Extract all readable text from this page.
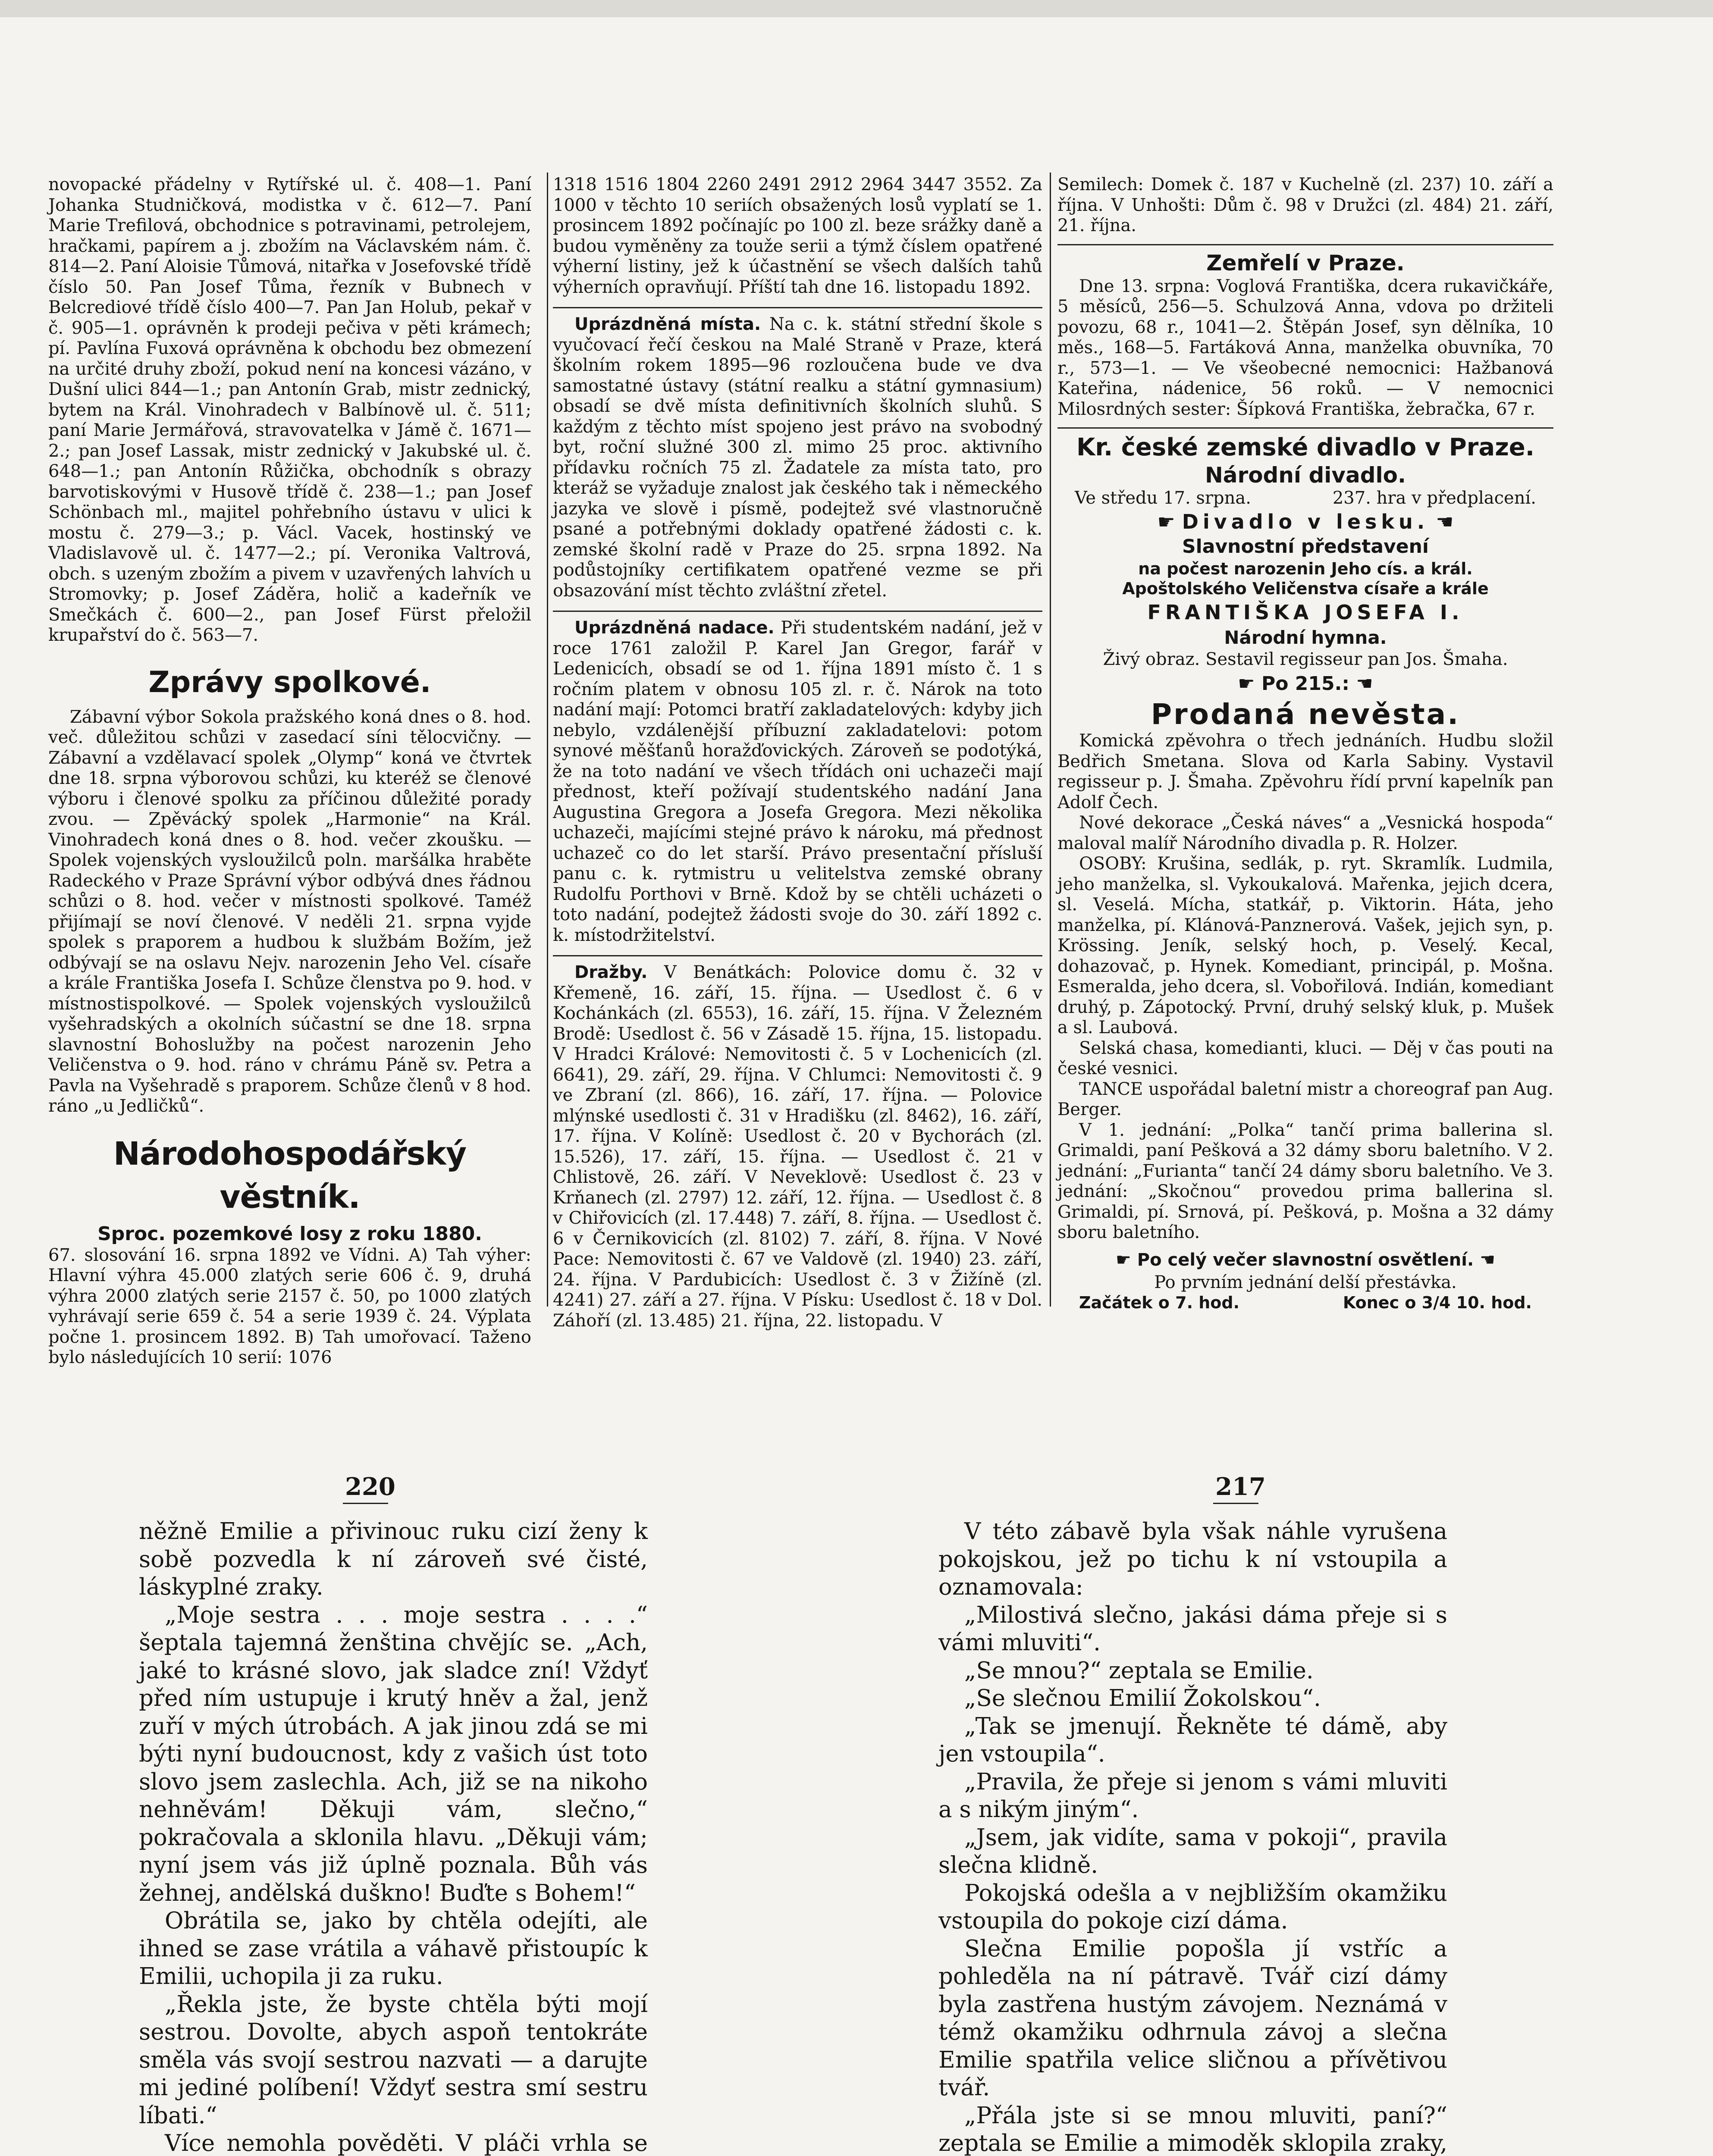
novopacké přádelny v Rytířské ul. č. 408—1. Paní Johanka Studničková, modistka v č. 612—7. Paní Marie Trefilová, obchodnice s potravinami, petrolejem, hračkami, papírem a j. zbožím na Václavském nám. č. 814—2. Paní Aloisie Tůmová, nitařka v Josefovské třídě číslo 50. Pan Josef Tůma, řezník v Bubnech v Belcrediové třídě číslo 400—7. Pan Jan Holub, pekař v č. 905—1. oprávněn k prodeji pečiva v pěti krámech; pí. Pavlína Fuxová oprávněna k obchodu bez obmezení na určité druhy zboží, pokud není na koncesi vázáno, v Dušní ulici 844—1.; pan Antonín Grab, mistr zednický, bytem na Král. Vinohradech v Balbínově ul. č. 511; paní Marie Jermářová, stravovatelka v Jámě č. 1671—2.; pan Josef Lassak, mistr zednický v Jakubské ul. č. 648—1.; pan Antonín Růžička, obchodník s obrazy barvotiskovými v Husově třídě č. 238—1.; pan Josef Schönbach ml., majitel pohřebního ústavu v ulici k mostu č. 279—3.; p. Václ. Vacek, hostinský ve Vladislavově ul. č. 1477—2.; pí. Veronika Valtrová, obch. s uzeným zbožím a pivem v uzavřených lahvích u Stromovky; p. Josef Záděra, holič a kadeřník ve Smečkách č. 600—2., pan Josef Fürst přeložil krupařství do č. 563—7.

Zprávy spolkové.

Zábavní výbor Sokola pražského koná dnes o 8. hod. več. důležitou schůzi v zasedací síni tělocvičny. — Zábavní a vzdělavací spolek „Olymp“ koná ve čtvrtek dne 18. srpna výborovou schůzi, ku kteréž se členové výboru i členové spolku za příčinou důležité porady zvou. — Zpěvácký spolek „Harmonie“ na Král. Vinohradech koná dnes o 8. hod. večer zkoušku. — Spolek vojenských vysloužilců poln. maršálka hraběte Radeckého v Praze Správní výbor odbývá dnes řádnou schůzi o 8. hod. večer v místnosti spolkové. Taméž přijímají se noví členové. V neděli 21. srpna vyjde spolek s praporem a hudbou k službám Božím, jež odbývají se na oslavu Nejv. narozenin Jeho Vel. císaře a krále Františka Josefa I. Schůze členstva po 9. hod. v místnostispolkové. — Spolek vojenských vysloužilců vyšehradských a okolních súčastní se dne 18. srpna slavnostní Bohoslužby na počest narozenin Jeho Veličenstva o 9. hod. ráno v chrámu Páně sv. Petra a Pavla na Vyšehradě s praporem. Schůze členů v 8 hod. ráno „u Jedličků“.

Národohospodářský věstník.
Sproc. pozemkové losy z roku 1880.

67. slosování 16. srpna 1892 ve Vídni. A) Tah výher: Hlavní výhra 45.000 zlatých serie 606 č. 9, druhá výhra 2000 zlatých serie 2157 č. 50, po 1000 zlatých vyhrávají serie 659 č. 54 a serie 1939 č. 24. Výplata počne 1. prosincem 1892. B) Tah umořovací. Taženo bylo následujících 10 serií: 1076

1318 1516 1804 2260 2491 2912 2964 3447 3552. Za 1000 v těchto 10 seriích obsažených losů vyplatí se 1. prosincem 1892 počínajíc po 100 zl. beze srážky daně a budou vyměněny za touže serii a týmž číslem opatřené výherní listiny, jež k účastnění se všech dalších tahů výherních opravňují. Příští tah dne 16. listopadu 1892.

Uprázdněná místa. Na c. k. státní střední škole s vyučovací řečí českou na Malé Straně v Praze, která školním rokem 1895—96 rozloučena bude ve dva samostatné ústavy (státní realku a státní gymnasium) obsadí se dvě místa definitivních školních sluhů. S každým z těchto míst spojeno jest právo na svobodný byt, roční služné 300 zl. mimo 25 proc. aktivního přídavku ročních 75 zl. Žadatele za místa tato, pro kteráž se vyžaduje znalost jak českého tak i německého jazyka ve slově i písmě, podejtež své vlastnoručně psané a potřebnými doklady opatřené žádosti c. k. zemské školní radě v Praze do 25. srpna 1892. Na podůstojníky certifikatem opatřené vezme se při obsazování míst těchto zvláštní zřetel.

Uprázdněná nadace. Při studentském nadání, jež v roce 1761 založil P. Karel Jan Gregor, farář v Ledenicích, obsadí se od 1. října 1891 místo č. 1 s ročním platem v obnosu 105 zl. r. č. Nárok na toto nadání mají: Potomci bratří zakladatelových: kdyby jich nebylo, vzdálenější příbuzní zakladatelovi: potom synové měšťanů horažďovických. Zároveň se podotýká, že na toto nadání ve všech třídách oni uchazeči mají přednost, kteří požívají studentského nadání Jana Augustina Gregora a Josefa Gregora. Mezi několika uchazeči, majícími stejné právo k nároku, má přednost uchazeč co do let starší. Právo presentační přísluší panu c. k. rytmistru u velitelstva zemské obrany Rudolfu Porthovi v Brně. Kdož by se chtěli ucházeti o toto nadání, podejtež žádosti svoje do 30. září 1892 c. k. místodržitelství.

Dražby. V Benátkách: Polovice domu č. 32 v Křemeně, 16. září, 15. října. — Usedlost č. 6 v Kochánkách (zl. 6553), 16. září, 15. října. V Železném Brodě: Usedlost č. 56 v Zásadě 15. října, 15. listopadu. V Hradci Králové: Nemovitosti č. 5 v Lochenicích (zl. 6641), 29. září, 29. října. V Chlumci: Nemovitosti č. 9 ve Zbraní (zl. 866), 16. září, 17. října. — Polovice mlýnské usedlosti č. 31 v Hradišku (zl. 8462), 16. září, 17. října. V Kolíně: Usedlost č. 20 v Bychorách (zl. 15.526), 17. září, 15. října. — Usedlost č. 21 v Chlistově, 26. září. V Neveklově: Usedlost č. 23 v Krňanech (zl. 2797) 12. září, 12. října. — Usedlost č. 8 v Chiřovicích (zl. 17.448) 7. září, 8. října. — Usedlost č. 6 v Černikovicích (zl. 8102) 7. září, 8. října. V Nové Pace: Nemovitosti č. 67 ve Valdově (zl. 1940) 23. září, 24. října. V Pardubicích: Usedlost č. 3 v Žižíně (zl. 4241) 27. září a 27. října. V Písku: Usedlost č. 18 v Dol. Záhoří (zl. 13.485) 21. října, 22. listopadu. V

Semilech: Domek č. 187 v Kuchelně (zl. 237) 10. září a říjnа. V Unhošti: Dům č. 98 v Družci (zl. 484) 21. září, 21. října.

Zemřelí v Praze.

Dne 13. srpna: Voglová Františka, dcera rukavičkáře, 5 měsíců, 256—5. Schulzová Anna, vdova po držiteli povozu, 68 r., 1041—2. Štěpán Josef, syn dělníka, 10 měs., 168—5. Fartáková Anna, manželka obuvníka, 70 r., 573—1. — Ve všeobecné nemocnici: Hažbanová Kateřina, nádenice, 56 roků. — V nemocnici Milosrdných sester: Šípková Františka, žebračka, 67 r.

Kr. české zemské divadlo v Praze.
Národní divadlo.
Ve středu 17. srpna.	237. hra v předplacení.
☛ Divadlo v lesku. ☚
Slavnostní představení
na počest narozenin Jeho cís. a král. Apoštolského Veličenstva císaře a krále
FRANTIŠKA JOSEFA I.
Národní hymna.
Živý obraz. Sestavil regisseur pan Jos. Šmaha.
☛ Po 215.: ☚
Prodaná nevěsta.

Komická zpěvohra o třech jednáních. Hudbu složil Bedřich Smetana. Slova od Karla Sabiny. Vystavil regisseur p. J. Šmaha. Zpěvohru řídí první kapelník pan Adolf Čech.

Nové dekorace „Česká náves“ a „Vesnická hospoda“ maloval malíř Národního divadla p. R. Holzer.

OSOBY: Krušina, sedlák, p. ryt. Skramlík. Ludmila, jeho manželka, sl. Vykoukalová. Mařenka, jejich dcera, sl. Veselá. Mícha, statkář, p. Viktorin. Háta, jeho manželka, pí. Klánová-Panznerová. Vašek, jejich syn, p. Krössing. Jeník, selský hoch, p. Veselý. Kecal, dohazovač, p. Hynek. Komediant, principál, p. Mošna. Esmeralda, jeho dcera, sl. Vobořilová. Indián, komediant druhý, p. Zápotocký. První, druhý selský kluk, p. Mušek a sl. Laubová.

Selská chasa, komedianti, kluci. — Děj v čas pouti na české vesnici.

TANCE uspořádal baletní mistr a choreograf pan Aug. Berger.

V 1. jednání: „Polka“ tančí prima ballerina sl. Grimaldi, paní Pešková a 32 dámy sboru baletního. V 2. jednání: „Furianta“ tančí 24 dámy sboru baletního. Ve 3. jednání: „Skočnou“ provedou prima ballerina sl. Grimaldi, pí. Srnová, pí. Pešková, p. Mošna a 32 dámy sboru baletního.

☛ Po celý večer slavnostní osvětlení. ☚
Po prvním jednání delší přestávka.
Začátek o 7. hod.	Konec o 3/4 10. hod.
220	217

něžně Emilie a přivinouc ruku cizí ženy k sobě pozvedla k ní zároveň své čisté, láskyplné zraky.

„Moje sestra . . . moje sestra . . . .“ šeptala tajemná ženština chvějíc se. „Ach, jaké to krásné slovo, jak sladce zní! Vždyť před ním ustupuje i krutý hněv a žal, jenž zuří v mých útrobách. A jak jinou zdá se mi býti nyní budoucnost, kdy z vašich úst toto slovo jsem zaslechla. Ach, již se na nikoho nehněvám! Děkuji vám, slečno,“ pokračovala a sklonila hlavu. „Děkuji vám; nyní jsem vás již úplně poznala. Bůh vás žehnej, andělská duškno! Buďte s Bohem!“

Obrátila se, jako by chtěla odejíti, ale ihned se zase vrátila a váhavě přistoupíc k Emilii, uchopila ji za ruku.

„Řekla jste, že byste chtěla býti mojí sestrou. Dovolte, abych aspoň tentokráte směla vás svojí sestrou nazvati — a darujte mi jediné políbení! Vždyť sestra smí sestru líbati.“

Více nemohla pověděti. V pláči vrhla se

V této zábavě byla však náhle vyrušena pokojskou, jež po tichu k ní vstoupila a oznamovala:

„Milostivá slečno, jakási dáma přeje si s vámi mluviti“.

„Se mnou?“ zeptala se Emilie.

„Se slečnou Emilií Žokolskou“.

„Tak se jmenují. Řekněte té dámě, aby jen vstoupila“.

„Pravila, že přeje si jenom s vámi mluviti a s nikým jiným“.

„Jsem, jak vidíte, sama v pokoji“, pravila slečna klidně.

Pokojská odešla a v nejbližším okamžiku vstoupila do pokoje cizí dáma.

Slečna Emilie popošla jí vstříc a pohleděla na ní pátravě. Tvář cizí dámy byla zastřena hustým závojem. Neznámá v témž okamžiku odhrnula závoj a slečna Emilie spatřila velice sličnou a přívětivou tvář.

„Přála jste si se mnou mluviti, paní?“ zeptala se Emilie a mimoděk sklopila zraky,
